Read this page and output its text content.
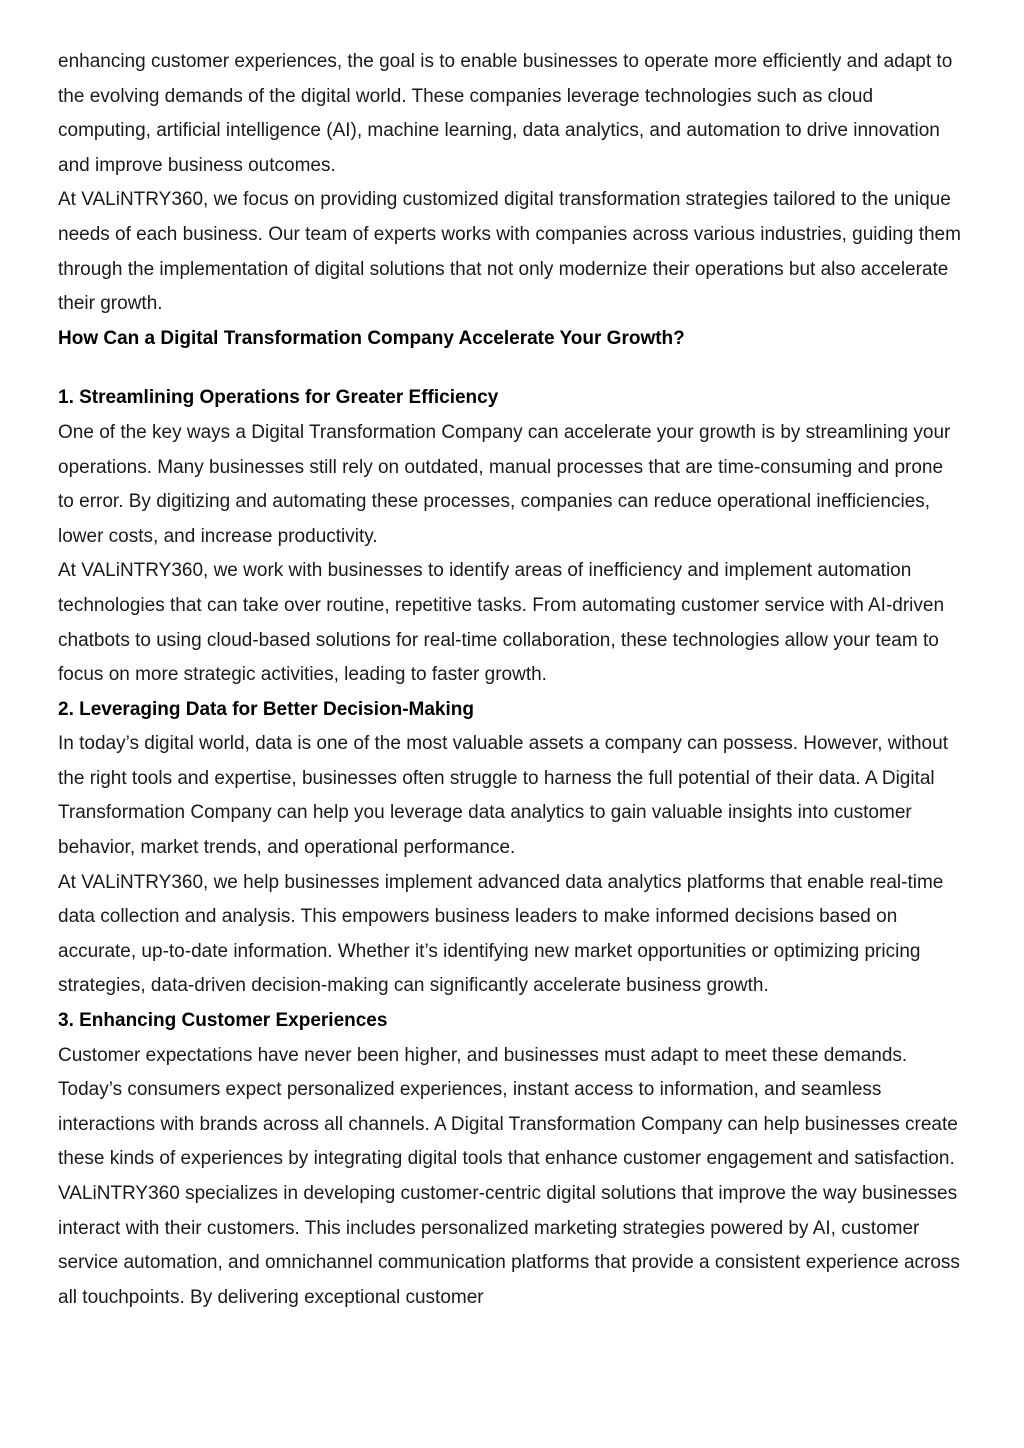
enhancing customer experiences, the goal is to enable businesses to operate more efficiently and adapt to the evolving demands of the digital world. These companies leverage technologies such as cloud computing, artificial intelligence (AI), machine learning, data analytics, and automation to drive innovation and improve business outcomes.

At VALiNTRY360, we focus on providing customized digital transformation strategies tailored to the unique needs of each business. Our team of experts works with companies across various industries, guiding them through the implementation of digital solutions that not only modernize their operations but also accelerate their growth.

How Can a Digital Transformation Company Accelerate Your Growth?

1. Streamlining Operations for Greater Efficiency

One of the key ways a Digital Transformation Company can accelerate your growth is by streamlining your operations. Many businesses still rely on outdated, manual processes that are time-consuming and prone to error. By digitizing and automating these processes, companies can reduce operational inefficiencies, lower costs, and increase productivity.

At VALiNTRY360, we work with businesses to identify areas of inefficiency and implement automation technologies that can take over routine, repetitive tasks. From automating customer service with AI-driven chatbots to using cloud-based solutions for real-time collaboration, these technologies allow your team to focus on more strategic activities, leading to faster growth.

2. Leveraging Data for Better Decision-Making

In today’s digital world, data is one of the most valuable assets a company can possess. However, without the right tools and expertise, businesses often struggle to harness the full potential of their data. A Digital Transformation Company can help you leverage data analytics to gain valuable insights into customer behavior, market trends, and operational performance.

At VALiNTRY360, we help businesses implement advanced data analytics platforms that enable real-time data collection and analysis. This empowers business leaders to make informed decisions based on accurate, up-to-date information. Whether it’s identifying new market opportunities or optimizing pricing strategies, data-driven decision-making can significantly accelerate business growth.

3. Enhancing Customer Experiences

Customer expectations have never been higher, and businesses must adapt to meet these demands. Today’s consumers expect personalized experiences, instant access to information, and seamless interactions with brands across all channels. A Digital Transformation Company can help businesses create these kinds of experiences by integrating digital tools that enhance customer engagement and satisfaction.

VALiNTRY360 specializes in developing customer-centric digital solutions that improve the way businesses interact with their customers. This includes personalized marketing strategies powered by AI, customer service automation, and omnichannel communication platforms that provide a consistent experience across all touchpoints. By delivering exceptional customer
